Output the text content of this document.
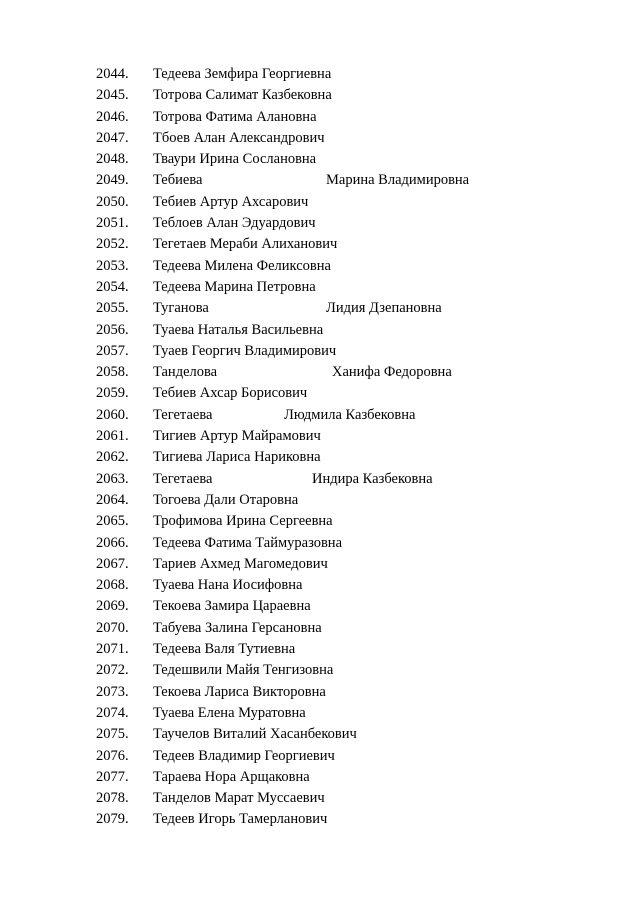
2044. Тедеева Земфира Георгиевна
2045. Тотрова Салимат Казбековна
2046. Тотрова Фатима Алановна
2047. Тбоев Алан Александрович
2048. Тваури Ирина Сослановна
2049. Тебиева	Марина Владимировна
2050. Тебиев Артур Ахсарович
2051. Теблоев Алан Эдуардович
2052. Тегетаев Мераби Алиханович
2053. Тедеева Милена Феликсовна
2054. Тедеева Марина Петровна
2055. Туганова	Лидия Дзепановна
2056. Туаева Наталья Васильевна
2057. Туаев Георгич Владимирович
2058. Танделова	Ханифа Федоровна
2059. Тебиев Ахсар Борисович
2060. Тегетаева	Людмила Казбековна
2061. Тигиев Артур Майрамович
2062. Тигиева Лариса Нариковна
2063. Тегетаева	Индира Казбековна
2064. Тогоева Дали Отаровна
2065. Трофимова Ирина Сергеевна
2066. Тедеева Фатима Таймуразовна
2067. Тариев Ахмед Магомедович
2068. Туаева Нана Иосифовна
2069. Текоева Замира Цараевна
2070. Табуева Залина Герсановна
2071. Тедеева Валя Тутиевна
2072. Тедешвили Майя Тенгизовна
2073. Текоева Лариса Викторовна
2074. Туаева Елена Муратовна
2075. Таучелов Виталий Хасанбекович
2076. Тедеев Владимир Георгиевич
2077. Тараева Нора Арщаковна
2078. Танделов Марат Муссаевич
2079. Тедеев Игорь Тамерланович
